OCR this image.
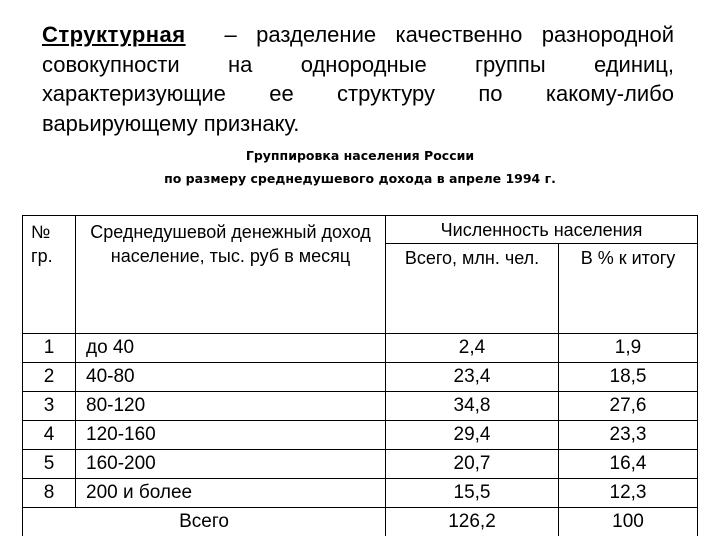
Структурная  – разделение качественно разнородной совокупности на однородные группы единиц, характеризующие ее структуру по какому-либо варьирующему признаку.

Группировка населения России
по размеру среднедушевого дохода в апреле 1994 г.
№ гр.	Среднедушевой денежный доход население, тыс. руб в месяц	Численность населения	
		Всего, млн. чел.	В % к итогу
1	до 40	2,4	1,9
2	40-80	23,4	18,5
3	80-120	34,8	27,6
4	120-160	29,4	23,3
5	160-200	20,7	16,4
8	200 и более	15,5	12,3
Всего		126,2	100
